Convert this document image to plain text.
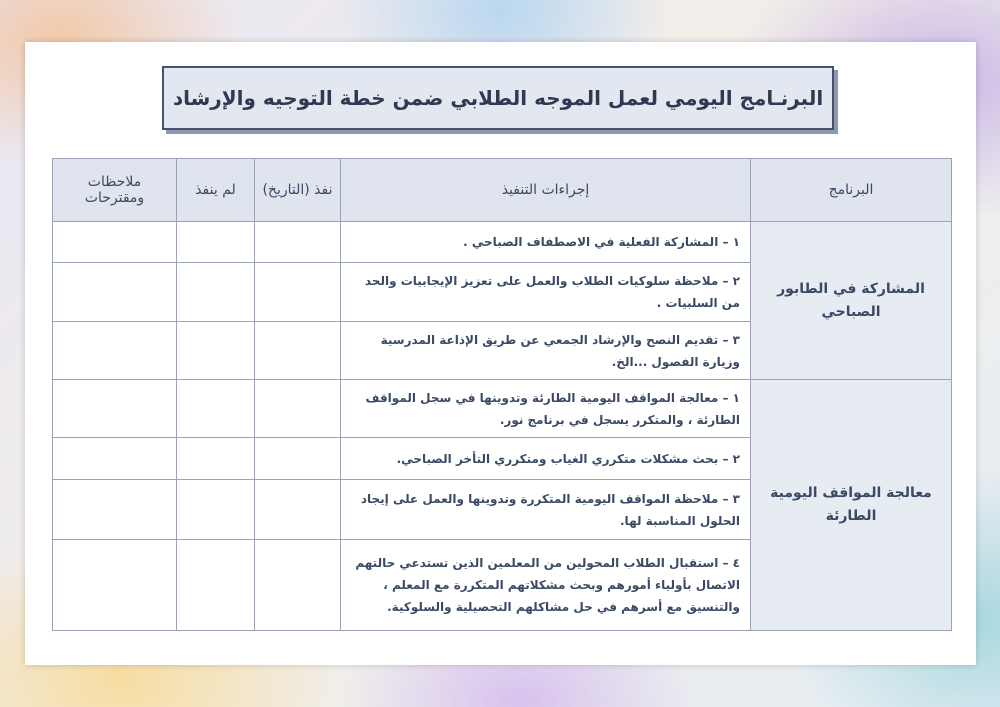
البرنـامج اليومي لعمل الموجه الطلابي ضمن خطة التوجيه والإرشاد
البرنامج	إجراءات التنفيذ	نفذ (التاريخ)	لم ينفذ	ملاحظات ومقترحات
المشاركة في الطابور الصباحي	١ – المشاركة الفعلية في الاصطفاف الصباحي .			
	٢ – ملاحظة سلوكيات الطلاب والعمل على تعزيز الإيجابيات والحد من السلبيات .			
	٣ – تقديم النصح والإرشاد الجمعي عن طريق الإذاعة المدرسية وزيارة الفصول ...الخ.			
معالجة المواقف اليومية الطارئة	١ – معالجة المواقف اليومية الطارئة وتدوينها في سجل المواقف الطارئة ، والمتكرر يسجل في برنامج نور.			
	٢ – بحث مشكلات متكرري الغياب ومتكرري التأخر الصباحي.			
	٣ – ملاحظة المواقف اليومية المتكررة وتدوينها والعمل على إيجاد الحلول المناسبة لها.			
	٤ – استقبال الطلاب المحولين من المعلمين الذين تستدعي حالتهم الاتصال بأولياء أمورهم وبحث مشكلاتهم المتكررة مع المعلم ، والتنسيق مع أسرهم في حل مشاكلهم التحصيلية والسلوكية.			
